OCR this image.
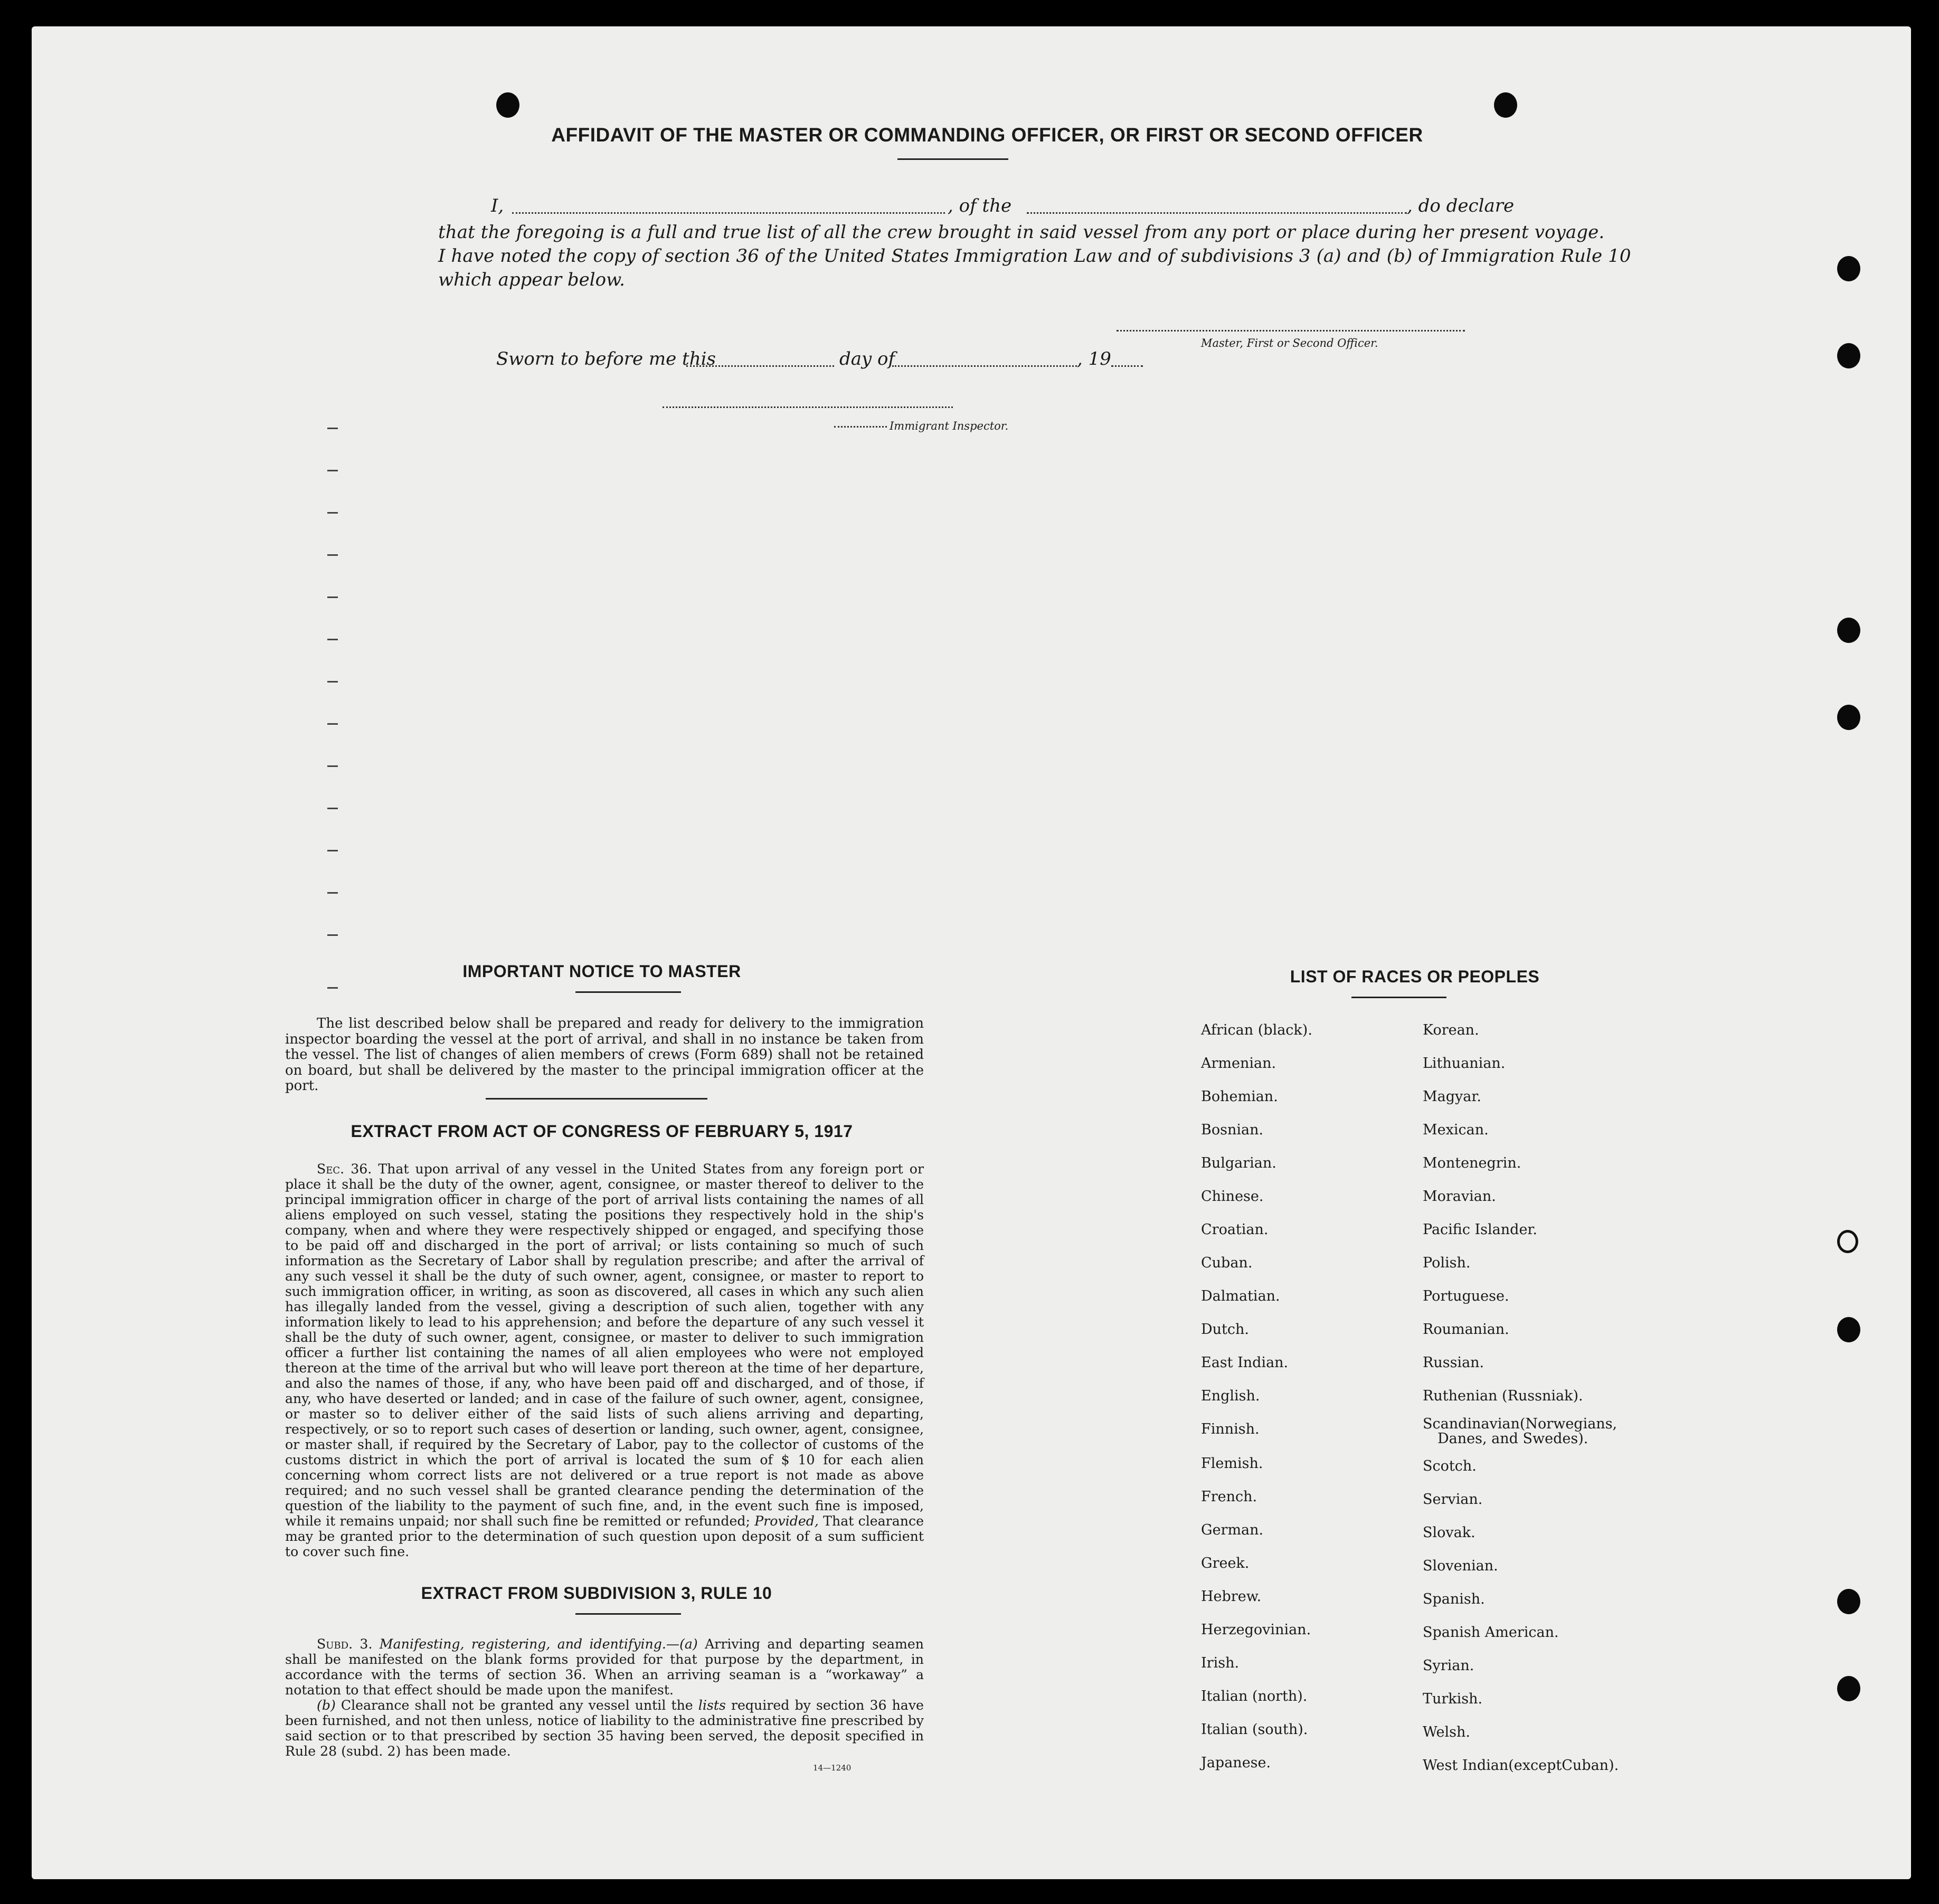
AFFIDAVIT OF THE MASTER OR COMMANDING OFFICER, OR FIRST OR SECOND OFFICER
I,	, of the	, do declare
that the foregoing is a full and true list of all the crew brought in said vessel from any port or place during her present voyage.
I have noted the copy of section 36 of the United States Immigration Law and of subdivisions 3 (a) and (b) of Immigration Rule 10
which appear below.
Master, First or Second Officer.
Sworn to before me this	day of	, 19
Immigrant Inspector.
IMPORTANT NOTICE TO MASTER

The list described below shall be prepared and ready for delivery to the immigration inspector boarding the vessel at the port of arrival, and shall in no instance be taken from the vessel. The list of changes of alien members of crews (Form 689) shall not be retained on board, but shall be delivered by the master to the principal immigration officer at the port.

EXTRACT FROM ACT OF CONGRESS OF FEBRUARY 5, 1917

Sec. 36. That upon arrival of any vessel in the United States from any foreign port or place it shall be the duty of the owner, agent, consignee, or master thereof to deliver to the principal immigration officer in charge of the port of arrival lists containing the names of all aliens employed on such vessel, stating the positions they respectively hold in the ship's company, when and where they were respectively shipped or engaged, and specifying those to be paid off and discharged in the port of arrival; or lists containing so much of such information as the Secretary of Labor shall by regulation prescribe; and after the arrival of any such vessel it shall be the duty of such owner, agent, consignee, or master to report to such immigration officer, in writing, as soon as discovered, all cases in which any such alien has illegally landed from the vessel, giving a description of such alien, together with any information likely to lead to his apprehension; and before the departure of any such vessel it shall be the duty of such owner, agent, consignee, or master to deliver to such immigration officer a further list containing the names of all alien employees who were not employed thereon at the time of the arrival but who will leave port thereon at the time of her departure, and also the names of those, if any, who have been paid off and discharged, and of those, if any, who have deserted or landed; and in case of the failure of such owner, agent, consignee, or master so to deliver either of the said lists of such aliens arriving and departing, respectively, or so to report such cases of desertion or landing, such owner, agent, consignee, or master shall, if required by the Secretary of Labor, pay to the collector of customs of the customs district in which the port of arrival is located the sum of $ 10 for each alien concerning whom correct lists are not delivered or a true report is not made as above required; and no such vessel shall be granted clearance pending the determination of the question of the liability to the payment of such fine, and, in the event such fine is imposed, while it remains unpaid; nor shall such fine be remitted or refunded; Provided, That clearance may be granted prior to the determination of such question upon deposit of a sum sufficient to cover such fine.

EXTRACT FROM SUBDIVISION 3, RULE 10

Subd. 3. Manifesting, registering, and identifying.—(a) Arriving and departing seamen shall be manifested on the blank forms provided for that purpose by the department, in accordance with the terms of section 36. When an arriving seaman is a “workaway” a notation to that effect should be made upon the manifest.

(b) Clearance shall not be granted any vessel until the lists required by section 36 have been furnished, and not then unless, notice of liability to the administrative fine prescribed by said section or to that prescribed by section 35 having been served, the deposit specified in Rule 28 (subd. 2) has been made.

14—1240
LIST OF RACES OR PEOPLES
African (black).
Armenian.
Bohemian.
Bosnian.
Bulgarian.
Chinese.
Croatian.
Cuban.
Dalmatian.
Dutch.
East Indian.
English.
Finnish.
Flemish.
French.
German.
Greek.
Hebrew.
Herzegovinian.
Irish.
Italian (north).
Italian (south).
Japanese.
Korean.
Lithuanian.
Magyar.
Mexican.
Montenegrin.
Moravian.
Pacific Islander.
Polish.
Portuguese.
Roumanian.
Russian.
Ruthenian (Russniak).
Scandinavian(Norwegians,
Danes, and Swedes).
Scotch.
Servian.
Slovak.
Slovenian.
Spanish.
Spanish American.
Syrian.
Turkish.
Welsh.
West Indian(exceptCuban).
